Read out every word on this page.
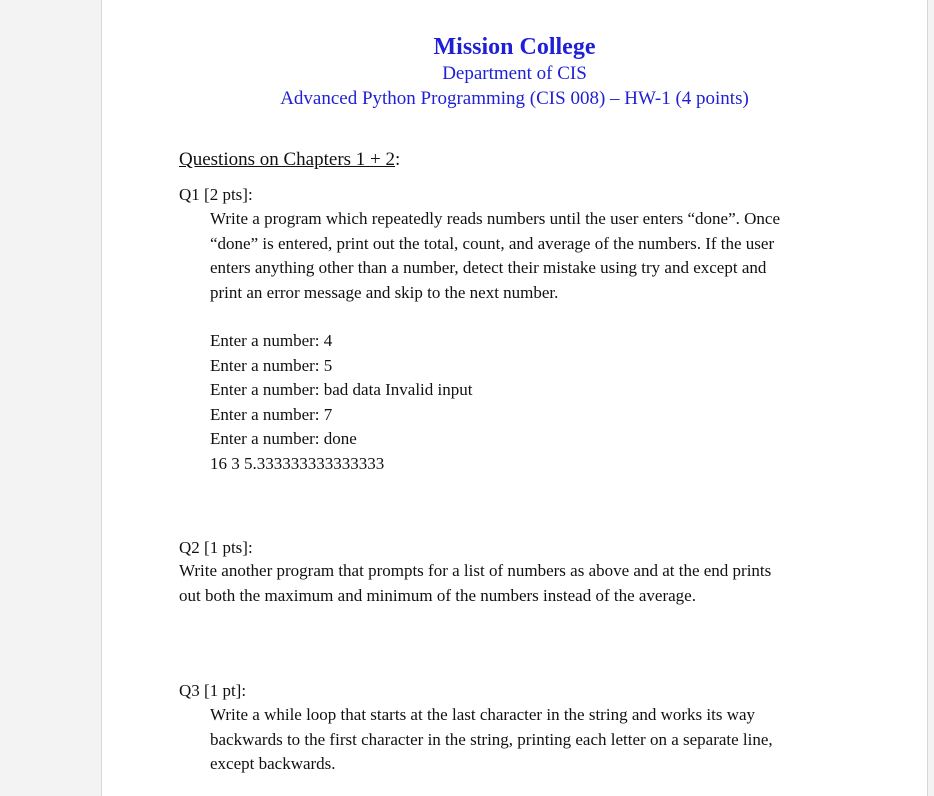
Mission College
Department of CIS
Advanced Python Programming (CIS 008) – HW-1 (4 points)
Questions on Chapters 1 + 2:
Q1 [2 pts]:
Write a program which repeatedly reads numbers until the user enters “done”. Once
“done” is entered, print out the total, count, and average of the numbers. If the user
enters anything other than a number, detect their mistake using try and except and
print an error message and skip to the next number.
Enter a number: 4
Enter a number: 5
Enter a number: bad data Invalid input
Enter a number: 7
Enter a number: done
16 3 5.333333333333333
Q2 [1 pts]:
Write another program that prompts for a list of numbers as above and at the end prints
out both the maximum and minimum of the numbers instead of the average.
Q3 [1 pt]:
Write a while loop that starts at the last character in the string and works its way
backwards to the first character in the string, printing each letter on a separate line,
except backwards.
